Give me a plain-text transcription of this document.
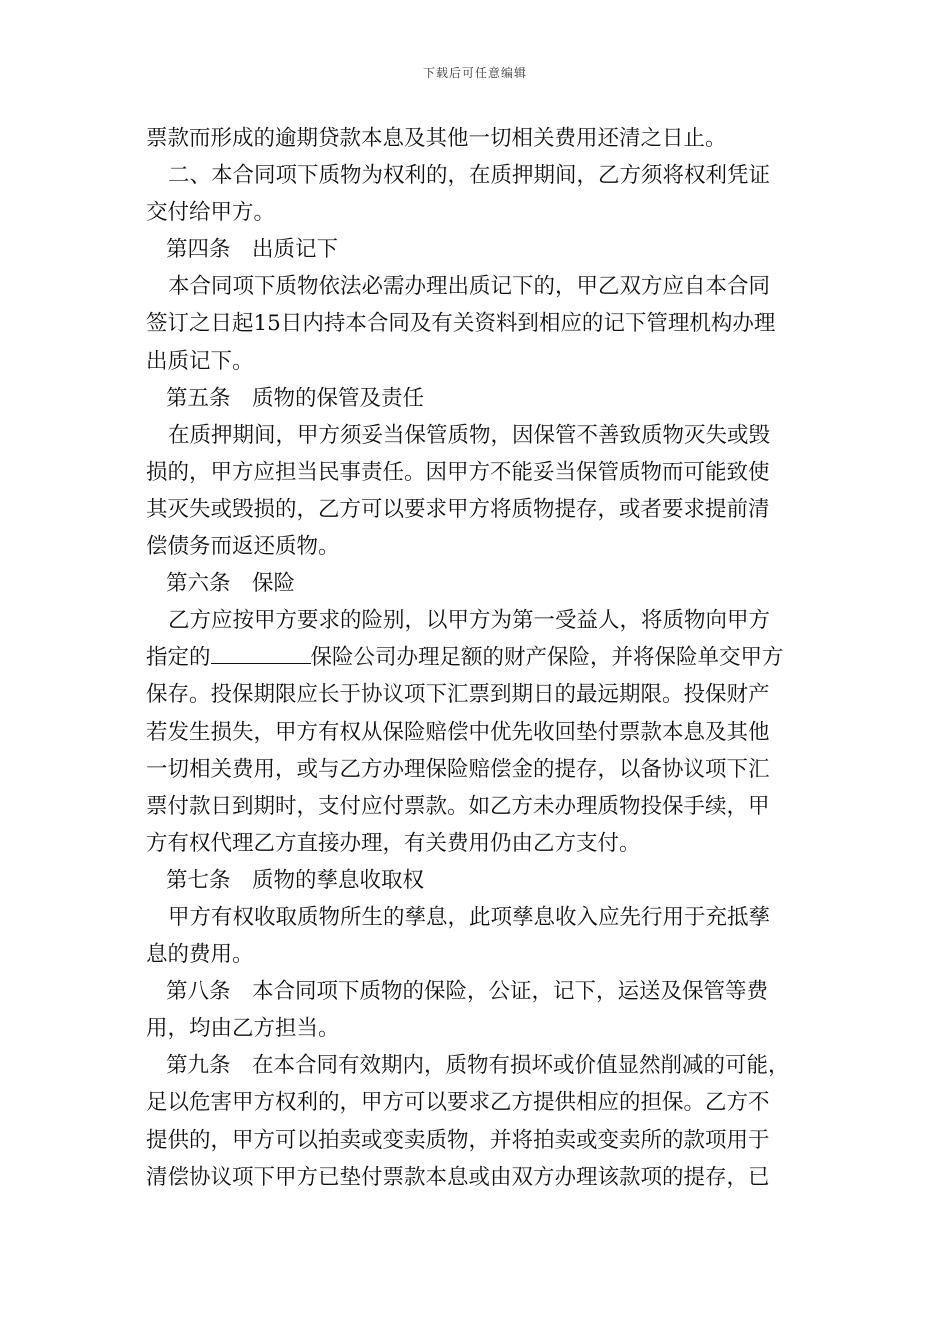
下载后可任意编辑
票款而形成的逾期贷款本息及其他一切相关费用还清之日止。
二、本合同项下质物为权利的，在质押期间，乙方须将权利凭证
交付给甲方。
第四条　出质记下
本合同项下质物依法必需办理出质记下的，甲乙双方应自本合同
签订之日起15日内持本合同及有关资料到相应的记下管理机构办理
出质记下。
第五条　质物的保管及责任
在质押期间，甲方须妥当保管质物，因保管不善致质物灭失或毁
损的，甲方应担当民事责任。因甲方不能妥当保管质物而可能致使
其灭失或毁损的，乙方可以要求甲方将质物提存，或者要求提前清
偿债务而返还质物。
第六条　保险
乙方应按甲方要求的险别，以甲方为第一受益人，将质物向甲方
指定的	保险公司办理足额的财产保险，并将保险单交甲方
保存。投保期限应长于协议项下汇票到期日的最远期限。投保财产
若发生损失，甲方有权从保险赔偿中优先收回垫付票款本息及其他
一切相关费用，或与乙方办理保险赔偿金的提存，以备协议项下汇
票付款日到期时，支付应付票款。如乙方未办理质物投保手续，甲
方有权代理乙方直接办理，有关费用仍由乙方支付。
第七条　质物的孳息收取权
甲方有权收取质物所生的孳息，此项孳息收入应先行用于充抵孳
息的费用。
第八条　本合同项下质物的保险，公证，记下，运送及保管等费
用，均由乙方担当。
第九条　在本合同有效期内，质物有损坏或价值显然削减的可能，
足以危害甲方权利的，甲方可以要求乙方提供相应的担保。乙方不
提供的，甲方可以拍卖或变卖质物，并将拍卖或变卖所的款项用于
清偿协议项下甲方已垫付票款本息或由双方办理该款项的提存，已
